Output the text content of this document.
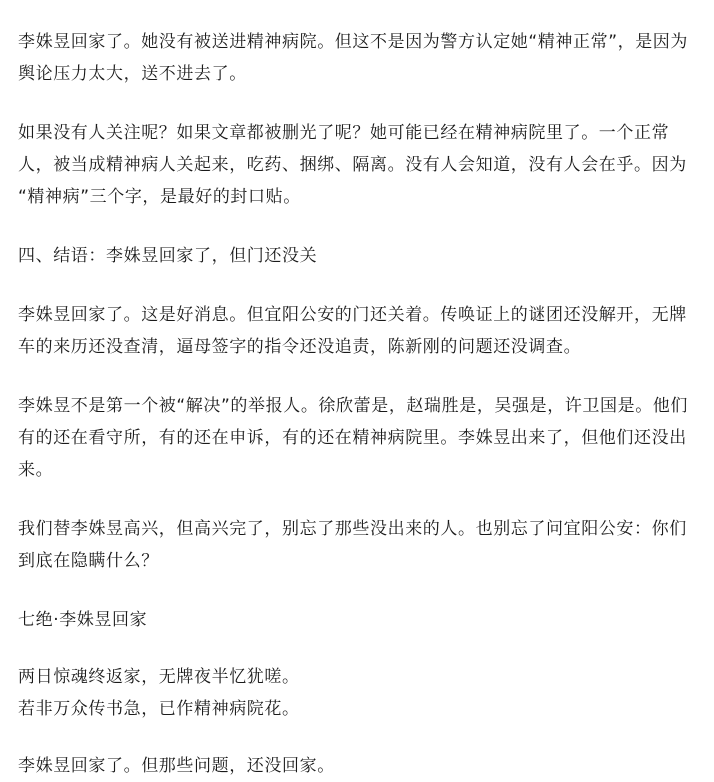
李姝昱回家了。她没有被送进精神病院。但这不是因为警方认定她“精神正常”，是因为
舆论压力太大，送不进去了。

如果没有人关注呢？如果文章都被删光了呢？她可能已经在精神病院里了。一个正常
人，被当成精神病人关起来，吃药、捆绑、隔离。没有人会知道，没有人会在乎。因为
“精神病”三个字，是最好的封口贴。

四、结语：李姝昱回家了，但门还没关

李姝昱回家了。这是好消息。但宜阳公安的门还关着。传唤证上的谜团还没解开，无牌
车的来历还没查清，逼母签字的指令还没追责，陈新刚的问题还没调查。

李姝昱不是第一个被“解决”的举报人。徐欣蕾是，赵瑞胜是，吴强是，许卫国是。他们
有的还在看守所，有的还在申诉，有的还在精神病院里。李姝昱出来了，但他们还没出
来。

我们替李姝昱高兴，但高兴完了，别忘了那些没出来的人。也别忘了问宜阳公安：你们
到底在隐瞒什么？

七绝·李姝昱回家

两日惊魂终返家，无牌夜半忆犹嗟。
若非万众传书急，已作精神病院花。

李姝昱回家了。但那些问题，还没回家。
